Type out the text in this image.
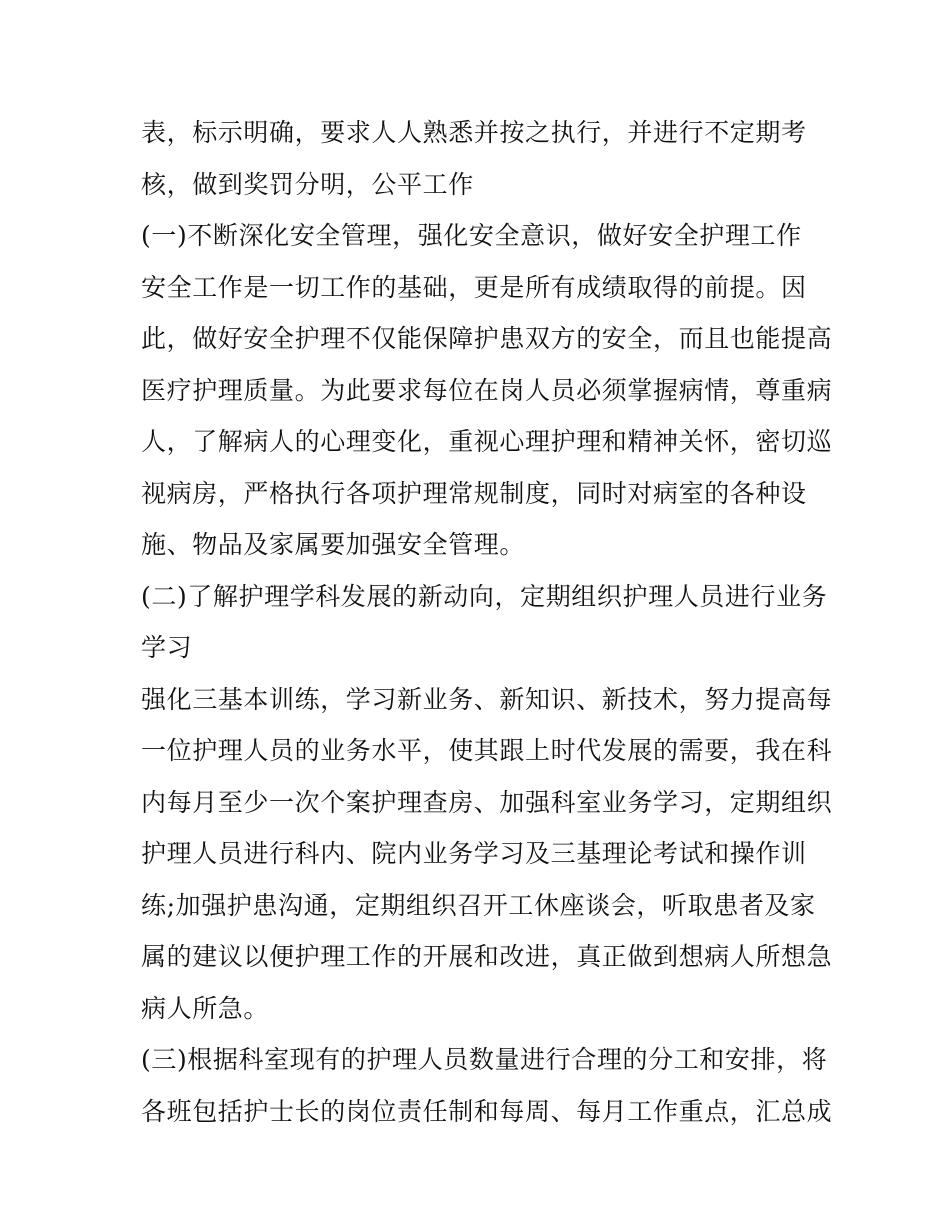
表，标示明确，要求人人熟悉并按之执行，并进行不定期考
核，做到奖罚分明，公平工作
(一)不断深化安全管理，强化安全意识，做好安全护理工作
安全工作是一切工作的基础，更是所有成绩取得的前提。因
此，做好安全护理不仅能保障护患双方的安全，而且也能提高
医疗护理质量。为此要求每位在岗人员必须掌握病情，尊重病
人，了解病人的心理变化，重视心理护理和精神关怀，密切巡
视病房，严格执行各项护理常规制度，同时对病室的各种设
施、物品及家属要加强安全管理。
(二)了解护理学科发展的新动向，定期组织护理人员进行业务
学习
强化三基本训练，学习新业务、新知识、新技术，努力提高每
一位护理人员的业务水平，使其跟上时代发展的需要，我在科
内每月至少一次个案护理查房、加强科室业务学习，定期组织
护理人员进行科内、院内业务学习及三基理论考试和操作训
练;加强护患沟通，定期组织召开工休座谈会，听取患者及家
属的建议以便护理工作的开展和改进，真正做到想病人所想急
病人所急。
(三)根据科室现有的护理人员数量进行合理的分工和安排，将
各班包括护士长的岗位责任制和每周、每月工作重点，汇总成
